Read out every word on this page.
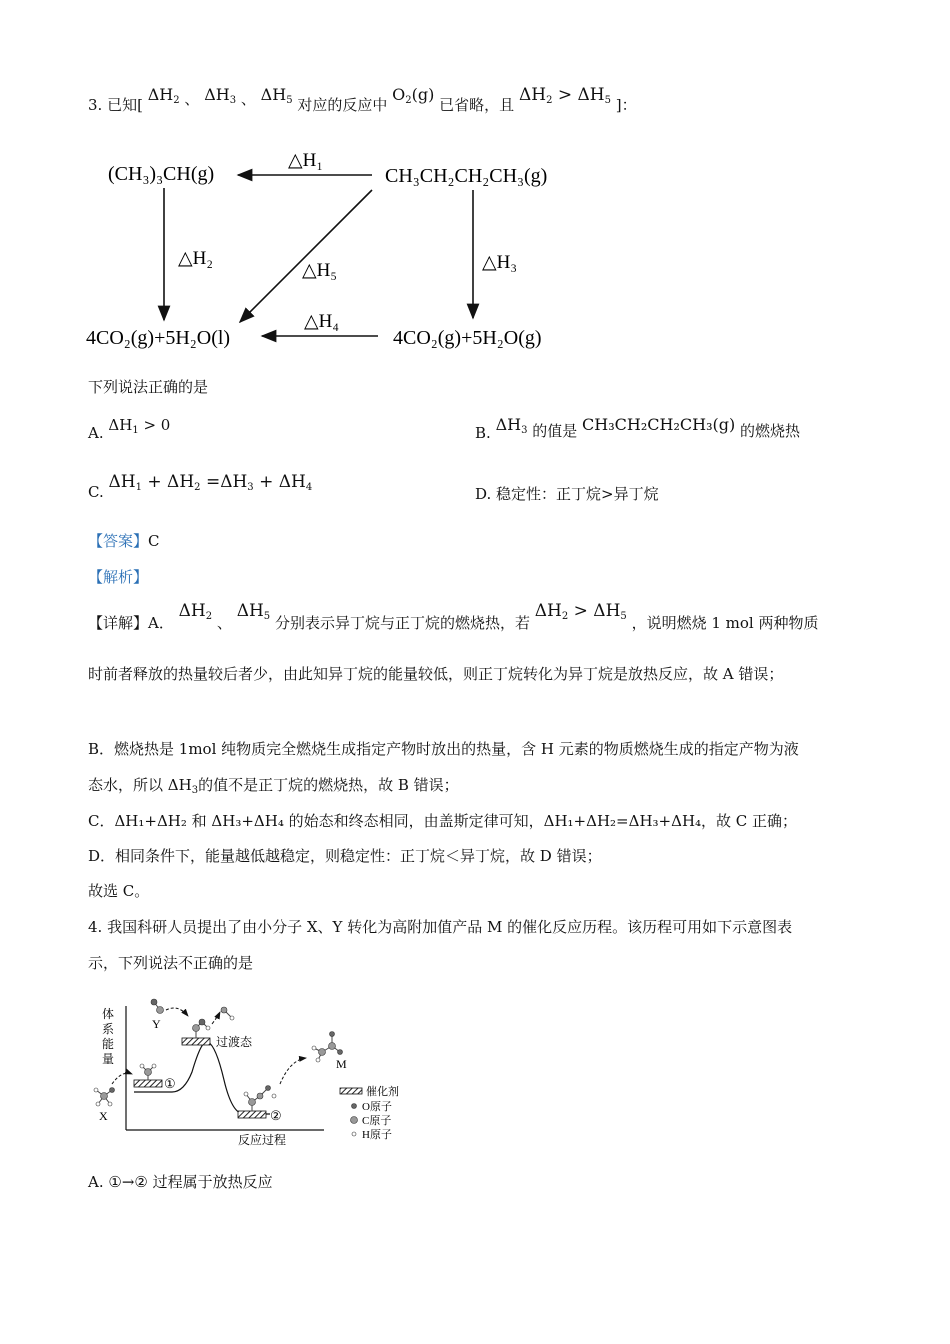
3. 已知[ $\Delta H_2$ 、 $\Delta H_3$ 、 $\Delta H_5$ 对应的反应中 $O_2(g)$ 已省略，且 $\Delta H_2 > \Delta H_5$ ]：
(CH₃)₃CH(g)	CH₃CH₂CH₂CH₃(g)
4CO₂(g)+5H₂O(l)	4CO₂(g)+5H₂O(g)
△H₁
△H₂	△H₃
△H₄
△H₅
下列说法正确的是
A. $\Delta H_1 > 0$	B. $\Delta H_3$ 的值是 CH₃CH₂CH₂CH₃(g) 的燃烧热
C. $\Delta H_1 + \Delta H_2 =\Delta H_3 + \Delta H_4$	D. 稳定性：正丁烷>异丁烷
【答案】C
【解析】
【详解】A． $\Delta H_2$ 、 $\Delta H_5$ 分别表示异丁烷与正丁烷的燃烧热，若 $\Delta H_2 > \Delta H_5$ ，说明燃烧 1 mol 两种物质
时前者释放的热量较后者少，由此知异丁烷的能量较低，则正丁烷转化为异丁烷是放热反应，故 A 错误；
B．燃烧热是 1mol 纯物质完全燃烧生成指定产物时放出的热量，含 H 元素的物质燃烧生成的指定产物为液
态水，所以 $\Delta H_3$的值不是正丁烷的燃烧热，故 B 错误；
C．ΔH₁+ΔH₂ 和 ΔH₃+ΔH₄ 的始态和终态相同，由盖斯定律可知，ΔH₁+ΔH₂=ΔH₃+ΔH₄，故 C 正确；
D．相同条件下，能量越低越稳定，则稳定性：正丁烷＜异丁烷，故 D 错误；
故选 C。
4. 我国科研人员提出了由小分子 X、Y 转化为高附加值产品 M 的催化反应历程。该历程可用如下示意图表
示，下列说法不正确的是
体
系
能
量
反应过程
①
②
过渡态
X
Y
M
催化剂
O原子
C原子
H原子
A. ①→② 过程属于放热反应
